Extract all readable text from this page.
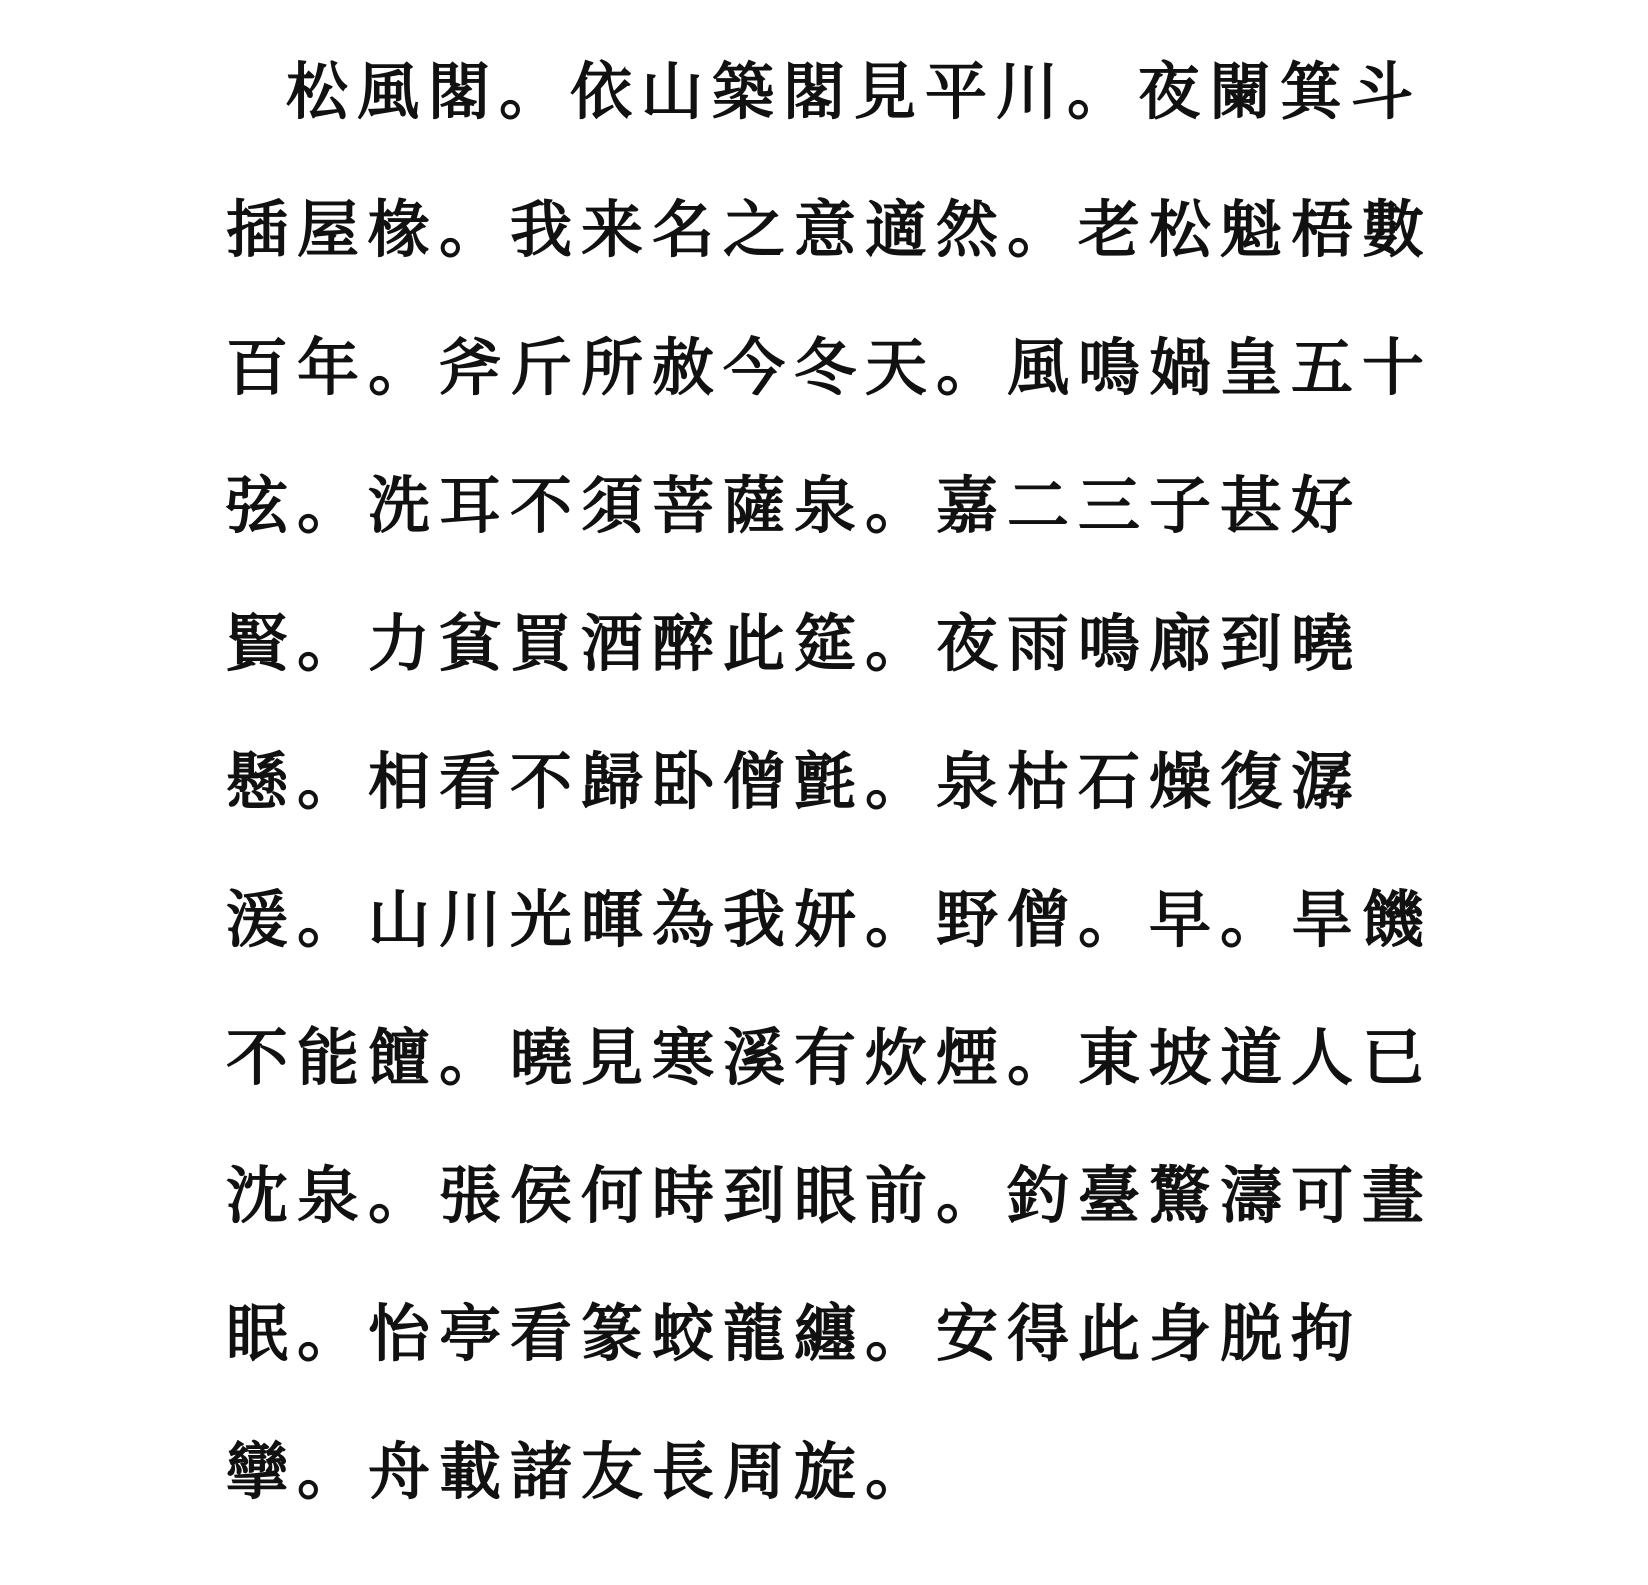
松風閣。依山築閣見平川。夜闌箕斗
插屋椽。我来名之意適然。老松魁梧數
百年。斧斤所赦今冬天。風鳴媧皇五十
弦。洗耳不須菩薩泉。嘉二三子甚好
賢。力貧買酒醉此筵。夜雨鳴廊到曉
懸。相看不歸卧僧氈。泉枯石燥復潺
湲。山川光暉為我妍。野僧。早。旱饑
不能饘。曉見寒溪有炊煙。東坡道人已
沈泉。張侯何時到眼前。釣臺驚濤可晝
眠。怡亭看篆蛟龍纏。安得此身脱拘
攣。舟載諸友長周旋。
